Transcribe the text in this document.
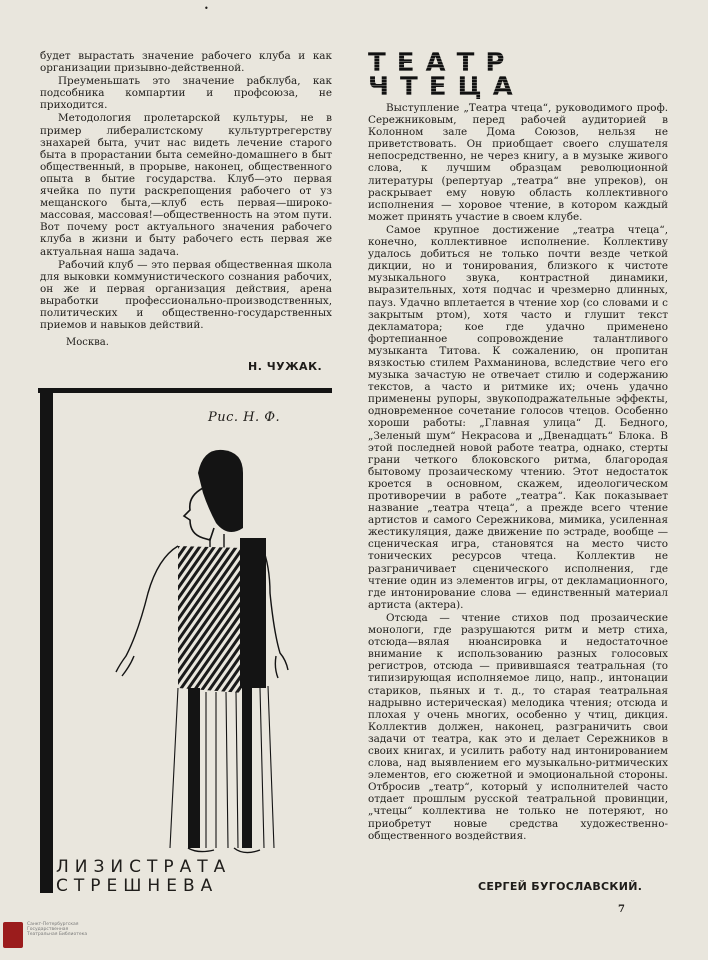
•

будет вырастать значение рабочего клуба и как организации призывно-действенной.

Преуменьшать это значение рабклуба, как подсобника компартии и профсоюза, не приходится.

Методология пролетарской культуры, не в пример либералистскому культуртрегерству знахарей быта, учит нас видеть лечение старого быта в прорастании быта семейно-домашнего в быт общественный, в прорыве, наконец, общественного опыта в бытие государства. Клуб—это первая ячейка по пути раскрепощения рабочего от уз мещанского быта,—клуб есть первая—широко-массовая, массовая!—общественность на этом пути. Вот почему рост актуального значения рабочего клуба в жизни и быту рабочего есть первая же актуальная наша задача.

Рабочий клуб — это первая общественная школа для выковки коммунистического сознания рабочих, он же и первая организация действия, арена выработки профессионально-производственных, политических и общественно-государственных приемов и навыков действий.

Москва.
Н. ЧУЖАК.
Рис. Н. Ф.
ЛИЗИСТРАТА
СТРЕШНЕВА
ТЕАТР
ЧТЕЦА

Выступление „Театра чтеца“, руководимого проф. Сережниковым, перед рабочей аудиторией в Колонном зале Дома Союзов, нельзя не приветствовать. Он приобщает своего слушателя непосредственно, не через книгу, а в музыке живого слова, к лучшим образцам революционной литературы (репертуар „театра“ вне упреков), он раскрывает ему новую область коллективного исполнения — хоровое чтение, в котором каждый может принять участие в своем клубе.

Самое крупное достижение „театра чтеца“, конечно, коллективное исполнение. Коллективу удалось добиться не только почти везде четкой дикции, но и тонирования, близкого к чистоте музыкального звука, контрастной динамики, выразительных, хотя подчас и чрезмерно длинных, пауз. Удачно вплетается в чтение хор (со словами и с закрытым ртом), хотя часто и глушит текст декламатора; кое где удачно применено фортепианное сопровождение талантливого музыканта Титова. К сожалению, он пропитан вязкостью стилем Рахманинова, вследствие чего его музыка зачастую не отвечает стилю и содержанию текстов, а часто и ритмике их; очень удачно применены рупоры, звукоподражательные эффекты, одновременное сочетание голосов чтецов. Особенно хороши работы: „Главная улица“ Д. Бедного, „Зеленый шум“ Некрасова и „Двенадцать“ Блока. В этой последней новой работе театра, однако, стерты грани четкого блоковского ритма, благородая бытовому прозаическому чтению. Этот недостаток кроется в основном, скажем, идеологическом противоречии в работе „театра“. Как показывает название „театра чтеца“, а прежде всего чтение артистов и самого Сережникова, мимика, усиленная жестикуляция, даже движение по эстраде, вообще — сценическая игра, становятся на место чисто тонических ресурсов чтеца. Коллектив не разграничивает сценического исполнения, где чтение один из элементов игры, от декламационного, где интонирование слова — единственный материал артиста (актера).

Отсюда — чтение стихов под прозаические монологи, где разрушаются ритм и метр стиха, отсюда—вялая нюансировка и недостаточное внимание к использованию разных голосовых регистров, отсюда — привившаяся театральная (то типизирующая исполняемое лицо, напр., интонации стариков, пьяных и т. д., то старая театральная надрывно истерическая) мелодика чтения; отсюда и плохая у очень многих, особенно у чтиц, дикция. Коллектив должен, наконец, разграничить свои задачи от театра, как это и делает Сережников в своих книгах, и усилить работу над интонированием слова, над выявлением его музыкально-ритмических элементов, его сюжетной и эмоциональной стороны. Отбросив „театр“, который у исполнителей часто отдает прошлым русской театральной провинции, „чтецы“ коллектива не только не потеряют, но приобретут новые средства художественно-общественного воздействия.

СЕРГЕЙ БУГОСЛАВСКИЙ.
7
Санкт-Петербургская Государственная Театральная Библиотека
